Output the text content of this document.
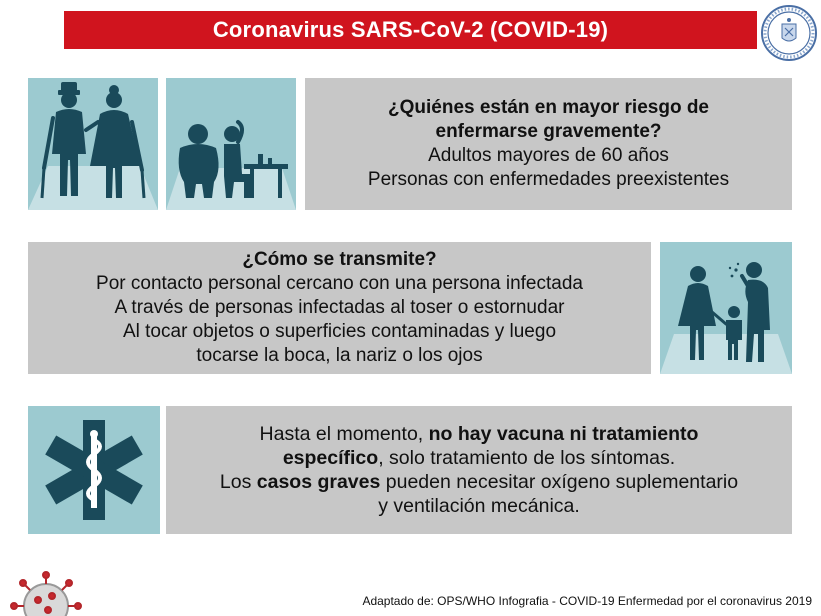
Coronavirus SARS-CoV-2 (COVID-19)
¿Quiénes están en mayor riesgo de
enfermarse gravemente?
Adultos mayores de 60 años
Personas con enfermedades preexistentes
¿Cómo se transmite?
Por contacto personal cercano con una persona infectada
A través de personas infectadas al toser o estornudar
Al tocar objetos o superficies contaminadas y luego
tocarse la boca, la nariz o los ojos
Hasta el momento, no hay vacuna ni tratamiento
específico, solo tratamiento de los síntomas.
Los casos graves pueden necesitar oxígeno suplementario
y ventilación mecánica.
Adaptado de: OPS/WHO Infografia - COVID-19 Enfermedad por el coronavirus 2019
